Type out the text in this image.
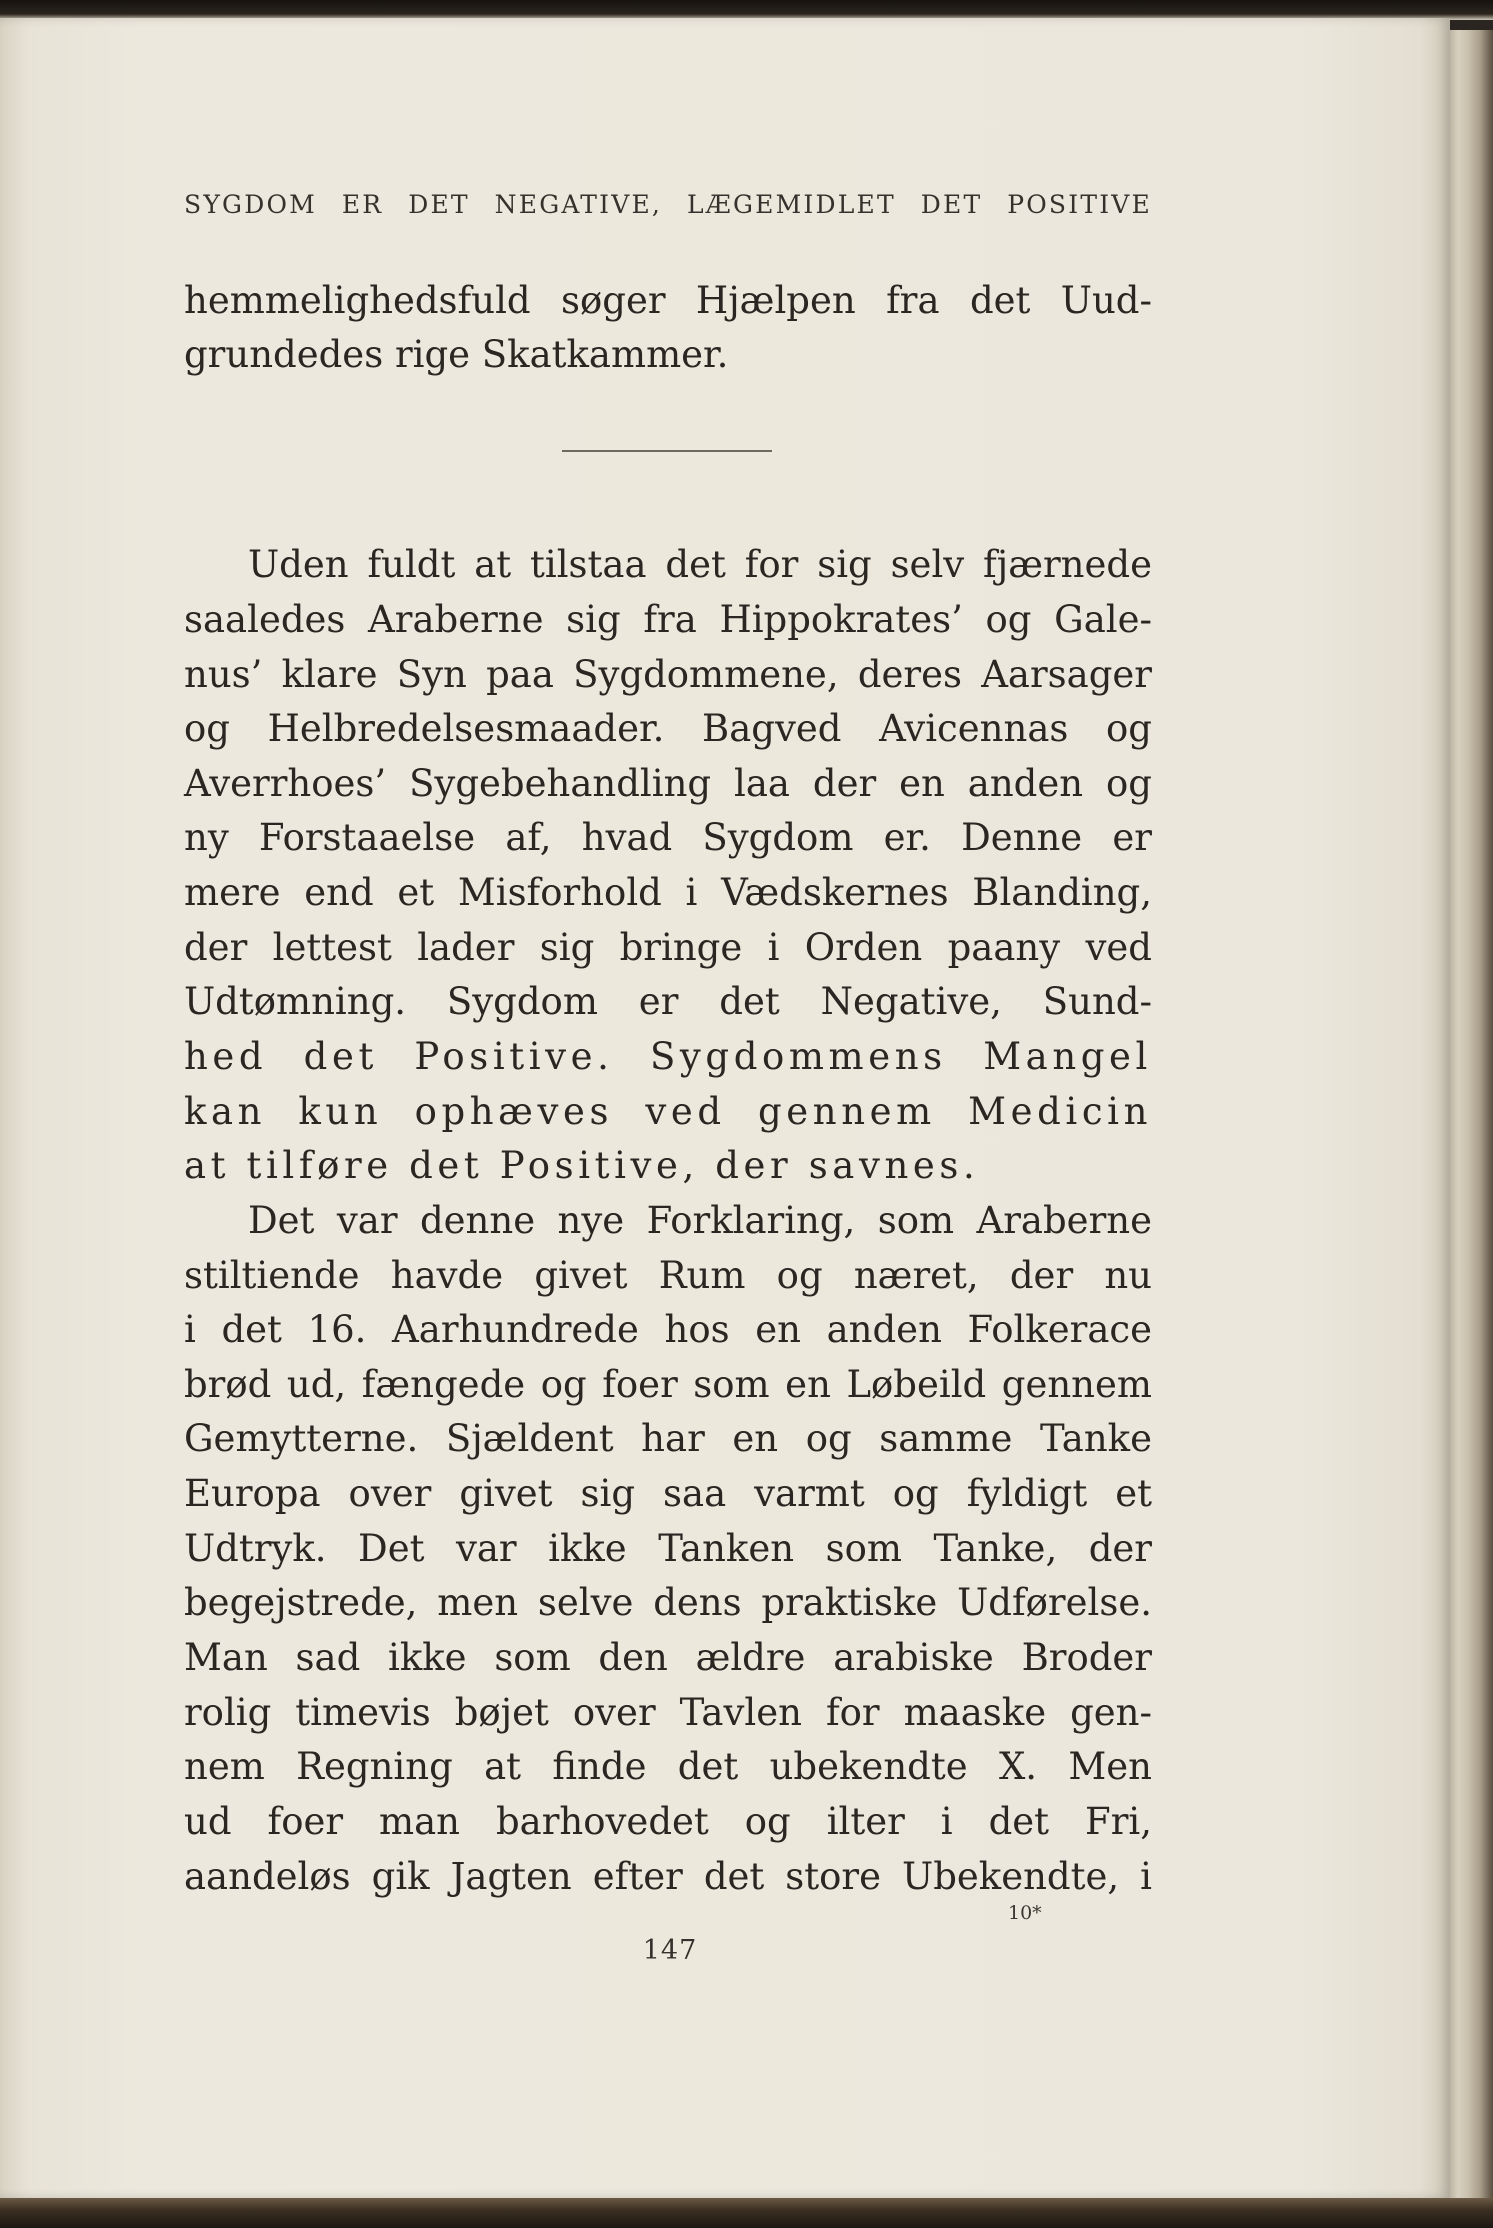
SYGDOM ER DET NEGATIVE, LÆGEMIDLET DET POSITIVE
hemmelighedsfuld søger Hjælpen fra det Uud-
grundedes rige Skatkammer.
Uden fuldt at tilstaa det for sig selv fjærnede
saaledes Araberne sig fra Hippokrates’ og Gale-
nus’ klare Syn paa Sygdommene, deres Aarsager
og Helbredelsesmaader. Bagved Avicennas og
Averrhoes’ Sygebehandling laa der en anden og
ny Forstaaelse af, hvad Sygdom er. Denne er
mere end et Misforhold i Vædskernes Blanding,
der lettest lader sig bringe i Orden paany ved
Udtømning. Sygdom er det Negative, Sund-
hed det Positive. Sygdommens Mangel
kan kun ophæves ved gennem Medicin
at tilføre det Positive, der savnes.
Det var denne nye Forklaring, som Araberne
stiltiende havde givet Rum og næret, der nu
i det 16. Aarhundrede hos en anden Folkerace
brød ud, fængede og foer som en Løbeild gennem
Gemytterne. Sjældent har en og samme Tanke
Europa over givet sig saa varmt og fyldigt et
Udtryk. Det var ikke Tanken som Tanke, der
begejstrede, men selve dens praktiske Udførelse.
Man sad ikke som den ældre arabiske Broder
rolig timevis bøjet over Tavlen for maaske gen-
nem Regning at finde det ubekendte X. Men
ud foer man barhovedet og ilter i det Fri,
aandeløs gik Jagten efter det store Ubekendte, i
10*
147
